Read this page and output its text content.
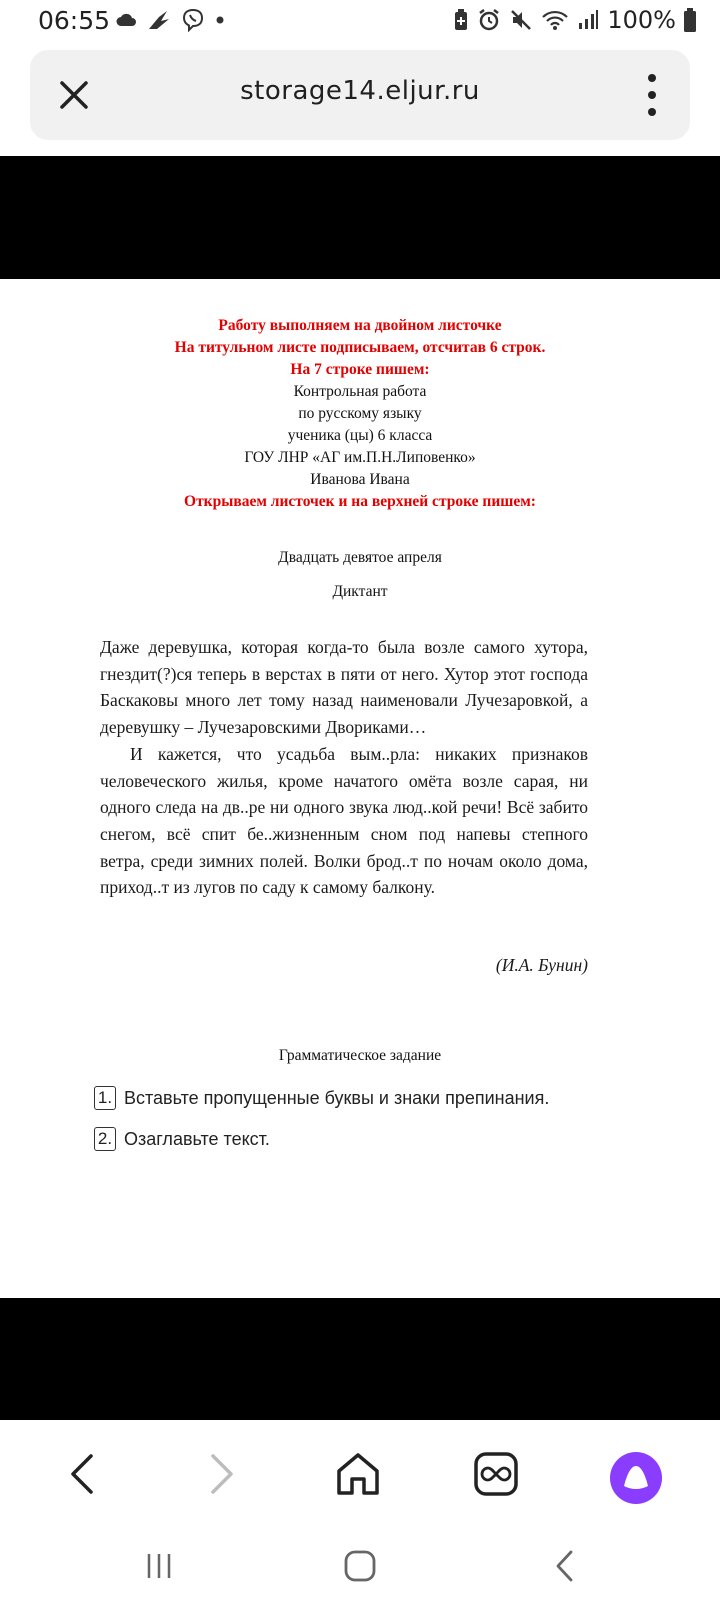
06:55	100%
storage14.eljur.ru
Работу выполняем на двойном листочке
На титульном листе подписываем, отсчитав 6 строк.
На 7 строке пишем:
Контрольная работа
по русскому языку
ученика (цы) 6 класса
ГОУ ЛНР «АГ им.П.Н.Липовенко»
Иванова Ивана
Открываем листочек и на верхней строке пишем:
Двадцать девятое апреля
Диктант

Даже деревушка, которая когда-то была возле самого хутора, гнездит(?)ся теперь в верстах в пяти от него. Хутор этот господа Баскаковы много лет тому назад наименовали Лучезаровкой, а деревушку – Лучезаровскими Двориками…

И кажется, что усадьба вым..рла: никаких признаков человеческого жилья, кроме начатого омёта возле сарая, ни одного следа на дв..ре ни одного звука люд..кой речи! Всё забито снегом, всё спит бе..жизненным сном под напевы степного ветра, среди зимних полей. Волки брод..т по ночам около дома, приход..т из лугов по саду к самому балкону.

(И.А. Бунин)
Грамматическое задание
1. Вставьте пропущенные буквы и знаки препинания.
2. Озаглавьте текст.
